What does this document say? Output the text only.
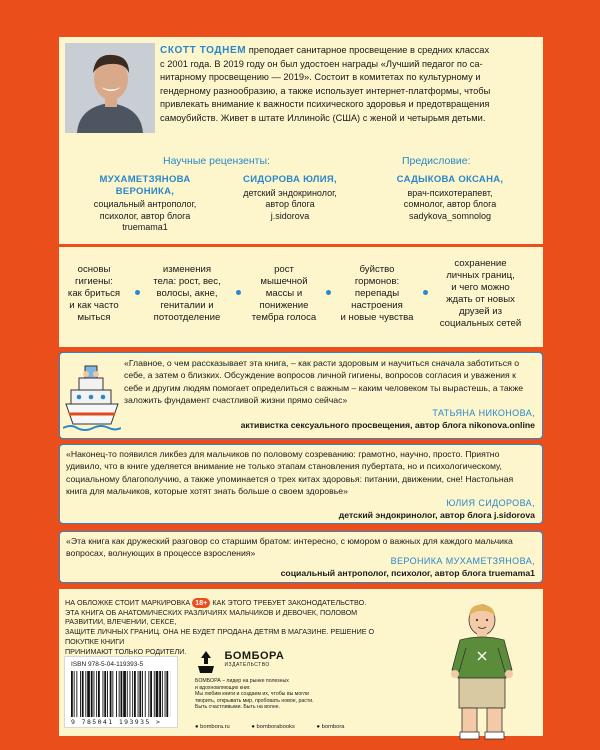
СКОТТ ТОДНЕМ преподает санитарное просвещение в средних классах
с 2001 года. В 2019 году он был удостоен награды «Лучший педагог по са-
нитарному просвещению — 2019». Состоит в комитетах по культурному и
гендерному разнообразию, а также использует интернет-платформы, чтобы
привлекать внимание к важности психического здоровья и предотвращения
самоубийств. Живет в штате Иллинойс (США) с женой и четырьмя детьми.
Научные рецензенты:	Предисловие:
МУХАМЕТЗЯНОВА ВЕРОНИКА,
социальный антрополог,
психолог, автор блога
truemama1
СИДОРОВА ЮЛИЯ,
детский эндокринолог,
автор блога
j.sidorova
САДЫКОВА ОКСАНА,
врач-психотерапевт,
сомнолог, автор блога
sadykova_somnolog
основы
гигиены:
как бриться
и как часто
мыться
изменения
тела: рост, вес,
волосы, акне,
гениталии и
потоотделение
рост
мышечной
массы и
понижение
тембра голоса
буйство
гормонов:
перепады
настроения
и новые чувства
сохранение
личных границ,
и чего можно
ждать от новых
друзей из
социальных сетей
«Главное, о чем рассказывает эта книга, – как расти здоровым и научиться сначала заботиться о
себе, а затем о близких. Обсуждение вопросов личной гигиены, вопросов согласия и уважения к
себе и другим людям помогает определиться с важным – каким человеком ты вырастешь, а также
заложить фундамент счастливой жизни прямо сейчас»
ТАТЬЯНА НИКОНОВА,
активистка сексуального просвещения, автор блога nikonova.online
«Наконец-то появился ликбез для мальчиков по половому созреванию: грамотно, научно, просто. Приятно
удивило, что в книге уделяется внимание не только этапам становления пубертата, но и психологическому,
социальному благополучию, а также упоминается о трех китах здоровья: питании, движении, сне! Настольная
книга для мальчиков, которые хотят знать больше о своем здоровье»
ЮЛИЯ СИДОРОВА,
детский эндокринолог, автор блога j.sidorova
«Эта книга как дружеский разговор со старшим братом: интересно, с юмором о важных для каждого мальчика
вопросах, волнующих в процессе взросления»
ВЕРОНИКА МУХАМЕТЗЯНОВА,
социальный антрополог, психолог, автор блога truemama1
НА ОБЛОЖКЕ СТОИТ МАРКИРОВКА 18+ КАК ЭТОГО ТРЕБУЕТ ЗАКОНОДАТЕЛЬСТВО.
ЭТА КНИГА ОБ АНАТОМИЧЕСКИХ РАЗЛИЧИЯХ МАЛЬЧИКОВ И ДЕВОЧЕК, ПОЛОВОМ РАЗВИТИИ, ВЛЕЧЕНИИ, СЕКСЕ,
ЗАЩИТЕ ЛИЧНЫХ ГРАНИЦ. ОНА НЕ БУДЕТ ПРОДАНА ДЕТЯМ В МАГАЗИНЕ. РЕШЕНИЕ О ПОКУПКЕ КНИГИ
ПРИНИМАЮТ ТОЛЬКО РОДИТЕЛИ.
ISBN 978-5-04-119393-5
9 785041 193935 >

БОМБОРА
ИЗДАТЕЛЬСТВО
БОМБОРА – лидер на рынке полезных
и вдохновляющих книг.
Мы любим книги и создаем их, чтобы вы могли
творить, открывать мир, пробовать новое, расти.
Быть счастливыми. Быть на волне.
● bombora.ru	● bomborabooks	● bombora
